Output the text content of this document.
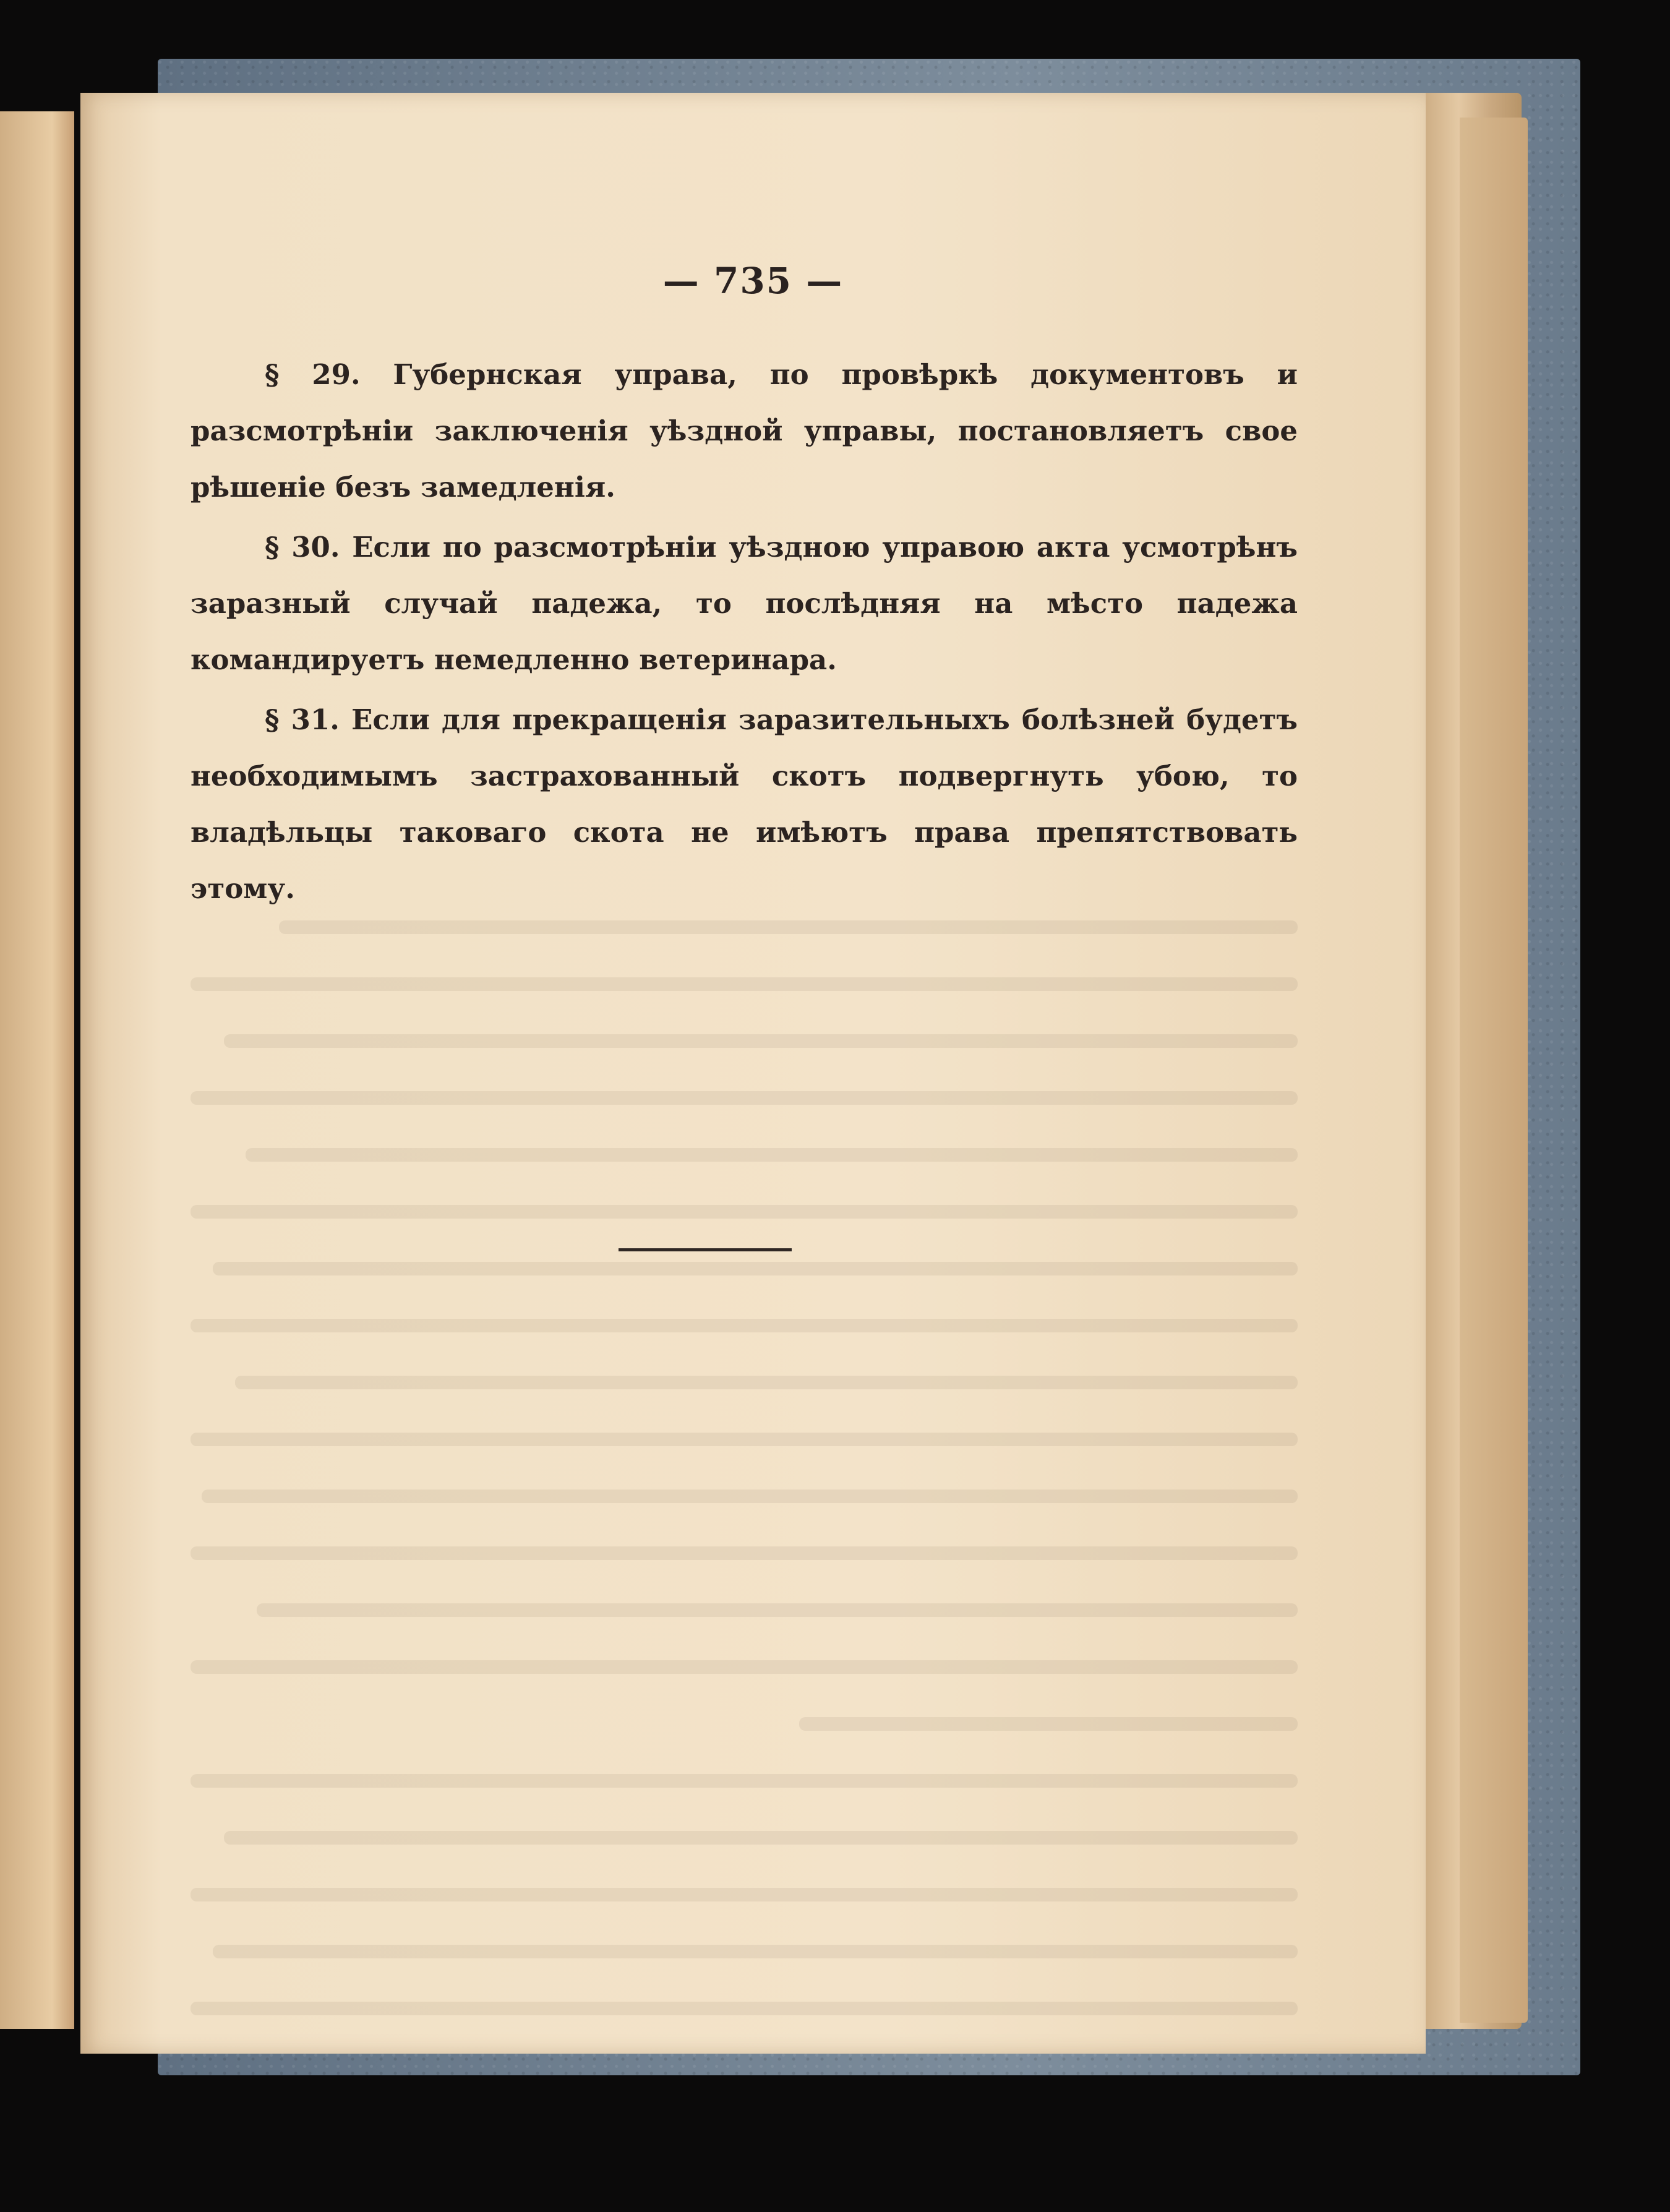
— 735 —

§ 29. Губернская управа, по провѣркѣ документовъ и разсмотрѣніи заключенія уѣздной управы, постановляетъ свое рѣшеніе безъ замедленія.

§ 30. Если по разсмотрѣніи уѣздною управою акта усмотрѣнъ заразный случай падежа, то послѣдняя на мѣсто падежа командируетъ немедленно ветеринара.

§ 31. Если для прекращенія заразительныхъ болѣзней будетъ необходимымъ застрахованный скотъ подвергнуть убою, то владѣльцы таковаго скота не имѣютъ права препятствовать этому.
